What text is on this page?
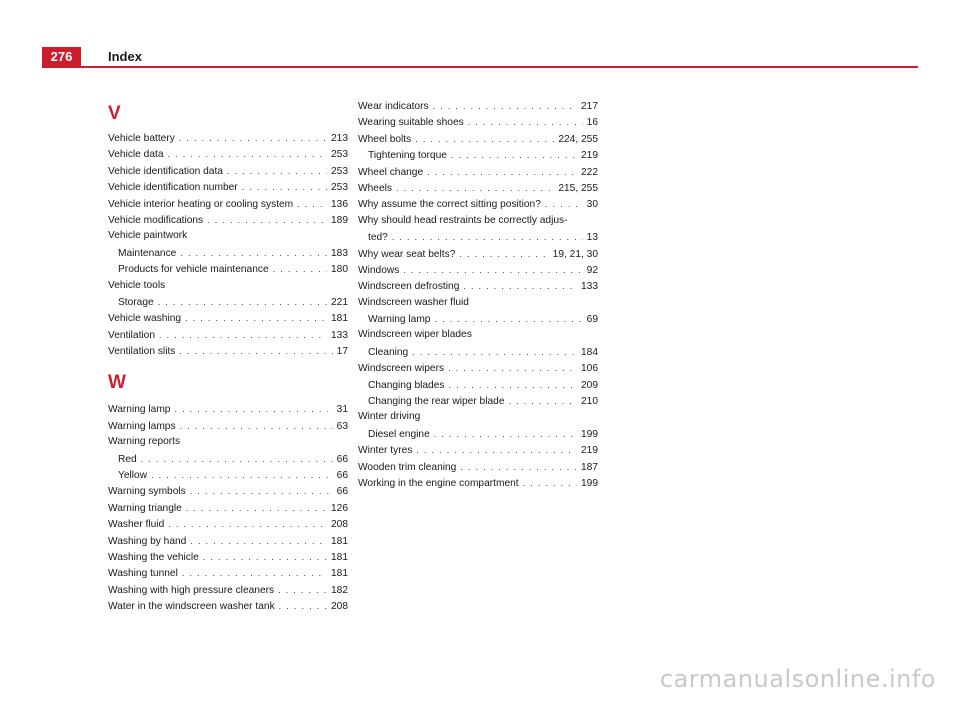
276	Index
V
Vehicle battery . . .	213
Vehicle data . . .	253
Vehicle identification data . . .	253
Vehicle identification number . . .	253
Vehicle interior heating or cooling system . . .	136
Vehicle modifications . . .	189
Vehicle paintwork
Maintenance . . .	183
Products for vehicle maintenance . . .	180
Vehicle tools
Storage . . .	221
Vehicle washing . . .	181
Ventilation . . .	133
Ventilation slits . . .	17
W
Warning lamp . . .	31
Warning lamps . . .	63
Warning reports
Red . . .	66
Yellow . . .	66
Warning symbols . . .	66
Warning triangle . . .	126
Washer fluid . . .	208
Washing by hand . . .	181
Washing the vehicle . . .	181
Washing tunnel . . .	181
Washing with high pressure cleaners . . .	182
Water in the windscreen washer tank . . .	208
Wear indicators . . .	217
Wearing suitable shoes . . .	16
Wheel bolts . . .	224, 255
Tightening torque . . .	219
Wheel change . . .	222
Wheels . . .	215, 255
Why assume the correct sitting position? . . .	30
Why should head restraints be correctly adjus-
ted? . . .	13
Why wear seat belts? . . .	19, 21, 30
Windows . . .	92
Windscreen defrosting . . .	133
Windscreen washer fluid
Warning lamp . . .	69
Windscreen wiper blades
Cleaning . . .	184
Windscreen wipers . . .	106
Changing blades . . .	209
Changing the rear wiper blade . . .	210
Winter driving
Diesel engine . . .	199
Winter tyres . . .	219
Wooden trim cleaning . . .	187
Working in the engine compartment . . .	199
carmanualsonline.info
